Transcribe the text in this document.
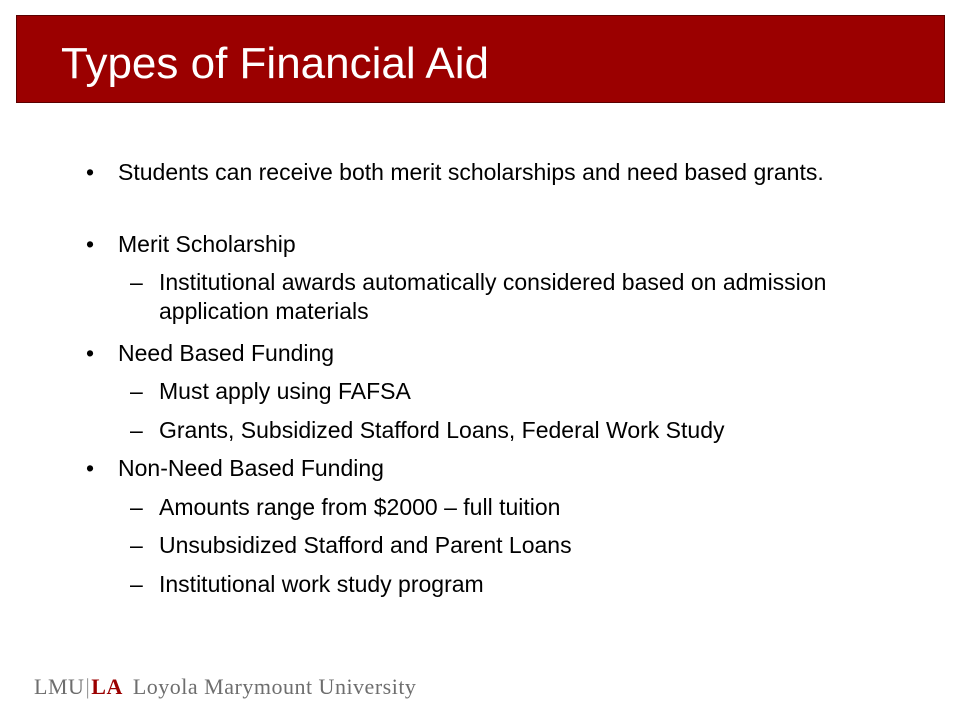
Types of Financial Aid
• Students can receive both merit scholarships and need based grants.
• Merit Scholarship
– Institutional awards automatically considered based on admission application materials
• Need Based Funding
– Must apply using FAFSA
– Grants, Subsidized Stafford Loans, Federal Work Study
• Non-Need Based Funding
– Amounts range from $2000 – full tuition
– Unsubsidized Stafford and Parent Loans
– Institutional work study program
LMU|LA Loyola Marymount University
